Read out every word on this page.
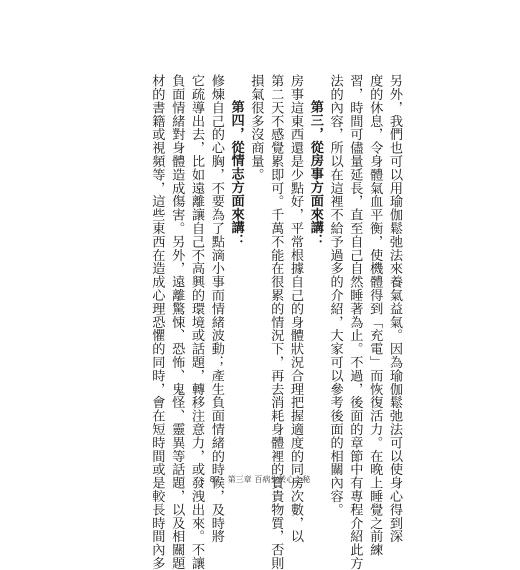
另外，我們也可以用瑜伽鬆弛法來養氣益氣。因為瑜伽鬆弛法可以使身心得到深
度的休息，令身體氣血平衡，使機體得到「充電」而恢復活力。在晚上睡覺之前練
習，時間可儘量延長，直至自己自然睡著為止。不過，後面的章節中有專程介紹此方
法的內容，所以在這裡不給予過多的介紹，大家可以參考後面的相關內容。
第三，從房事方面來講：
房事這東西還是少點好，平常根據自己的身體狀況合理把握適度的同房次數，以
第二天不感覺累即可。千萬不能在很累的情況下，再去消耗身體裡的寶貴物質，否則
損氣很多沒商量。
第四，從情志方面來講：
修煉自己的心胸，不要為了點滴小事而情緒波動；產生負面情緒的時候，及時將
它疏導出去，比如遠離讓自己不高興的環境或話題，轉移注意力，或發洩出來。不讓
負面情緒對身體造成傷害。另外，遠離驚悚、恐怖、鬼怪、靈異等話題，以及相關題
材的書籍或視頻等，這些東西在造成心理恐懼的同時，會在短時間或是較長時間內多	87．第三章 百病生於心之秘
